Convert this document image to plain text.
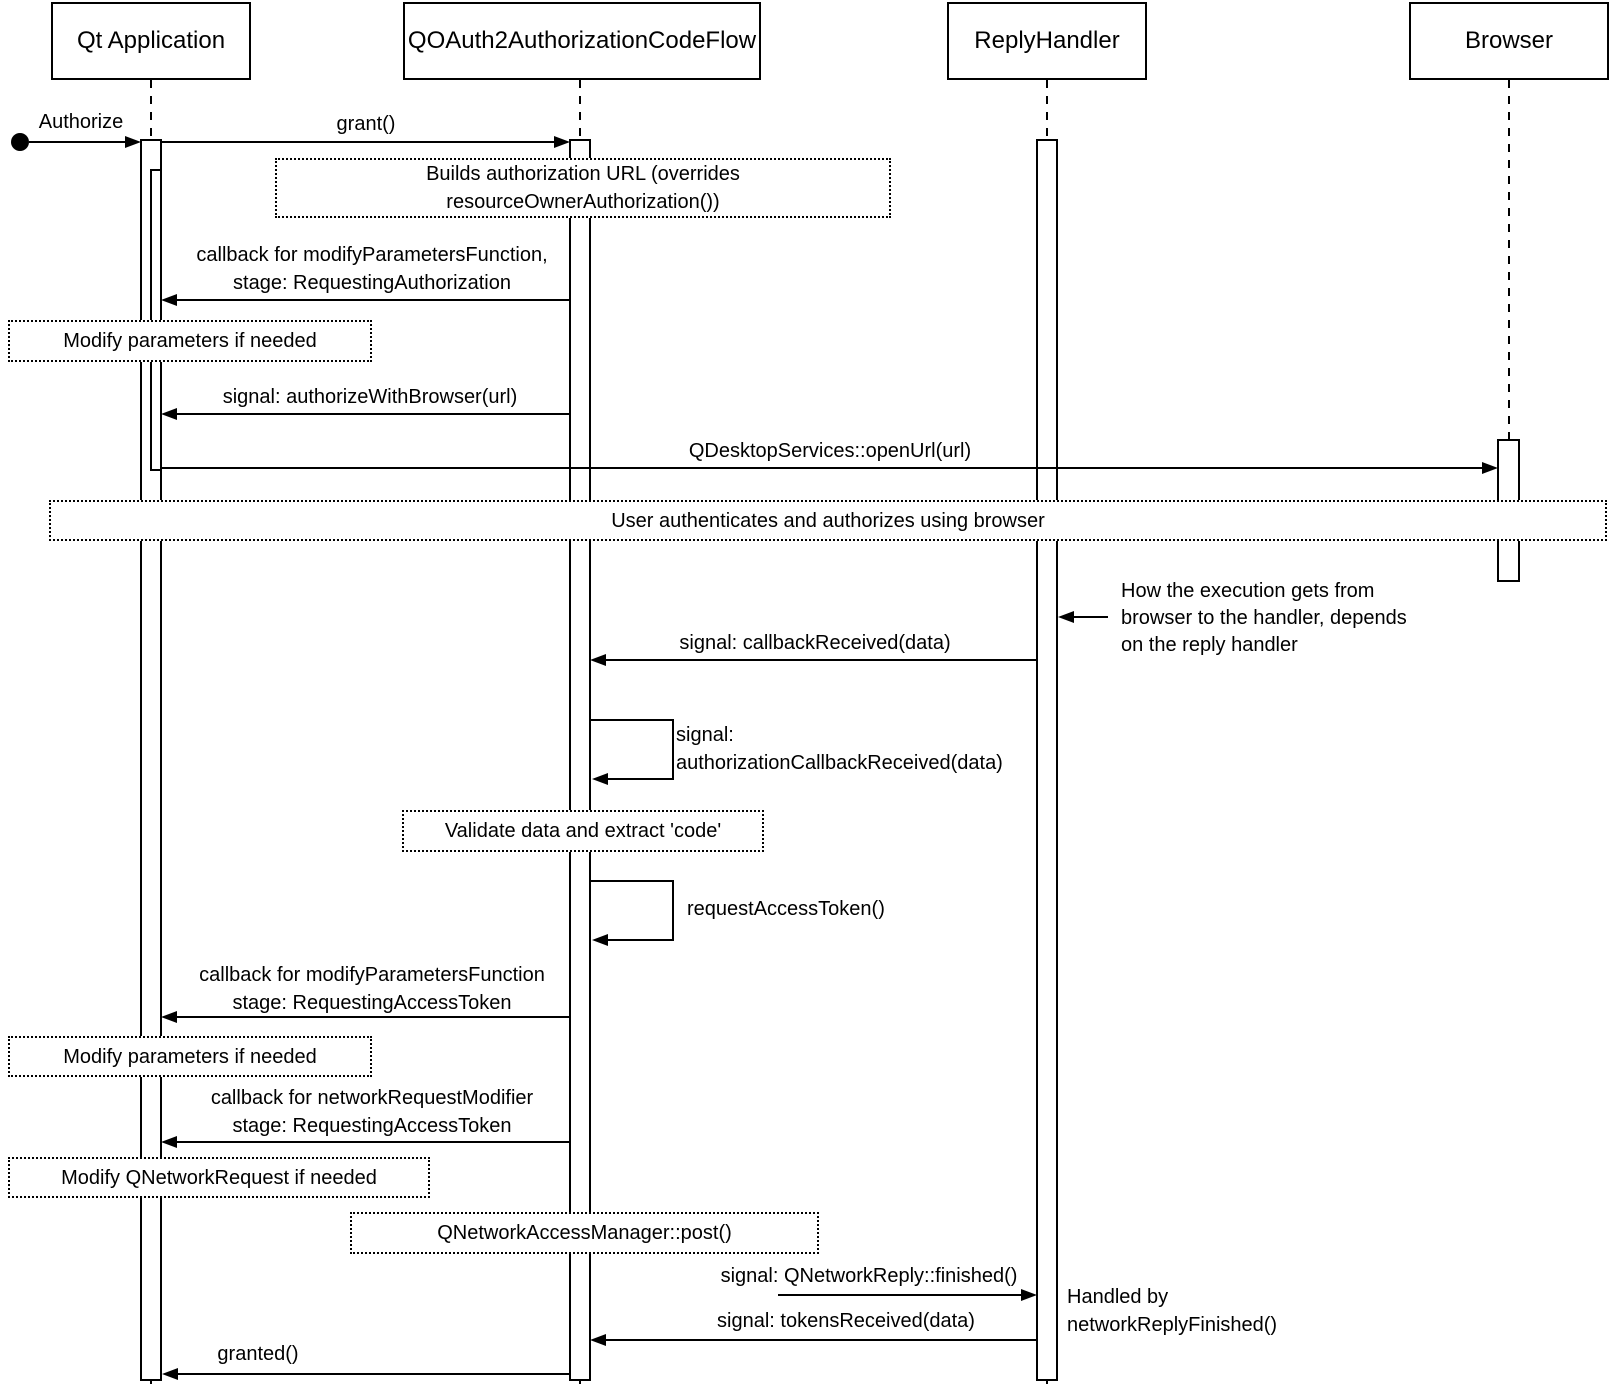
Qt Application	QOAuth2AuthorizationCodeFlow	ReplyHandler	Browser
Builds authorization URL (overrides
resourceOwnerAuthorization())
Modify parameters if needed
User authenticates and authorizes using browser
Validate data and extract 'code'
Modify parameters if needed
Modify QNetworkRequest if needed
QNetworkAccessManager::post()
Authorize	grant()
callback for modifyParametersFunction,
stage: RequestingAuthorization
signal: authorizeWithBrowser(url)
QDesktopServices::openUrl(url)
signal: callbackReceived(data)
signal:
authorizationCallbackReceived(data)
requestAccessToken()
callback for modifyParametersFunction
stage: RequestingAccessToken
callback for networkRequestModifier
stage: RequestingAccessToken
signal: QNetworkReply::finished()
signal: tokensReceived(data)
granted()
How the execution gets from
browser to the handler, depends
on the reply handler
Handled by
networkReplyFinished()
